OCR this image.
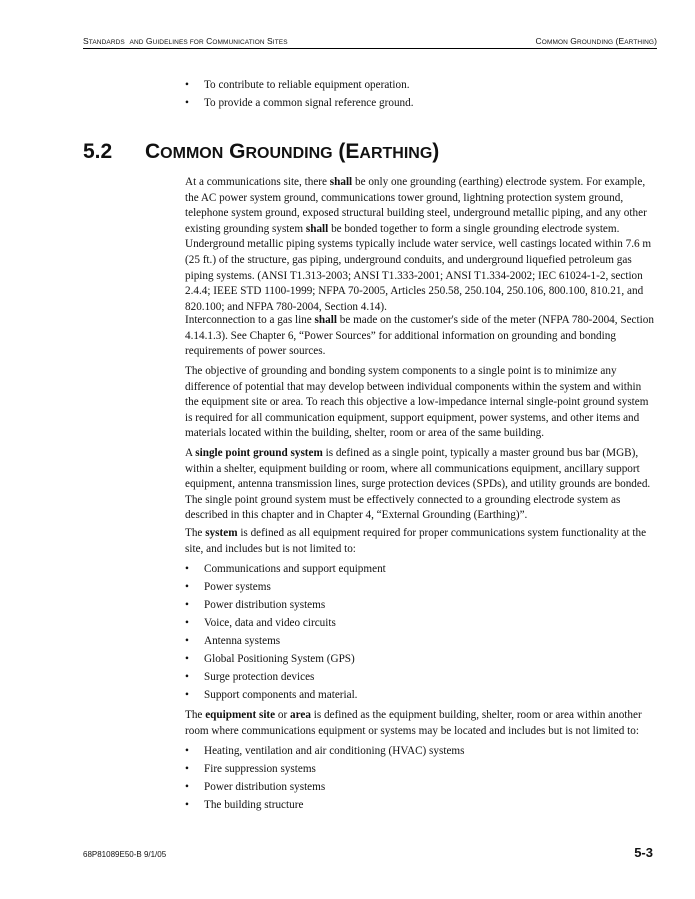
STANDARDS AND GUIDELINES FOR COMMUNICATION SITES	COMMON GROUNDING (EARTHING)
• To contribute to reliable equipment operation.
• To provide a common signal reference ground.
5.2 COMMON GROUNDING (EARTHING)

At a communications site, there shall be only one grounding (earthing) electrode system. For example, the AC power system ground, communications tower ground, lightning protection system ground, telephone system ground, exposed structural building steel, underground metallic piping, and any other existing grounding system shall be bonded together to form a single grounding electrode system. Underground metallic piping systems typically include water service, well castings located within 7.6 m (25 ft.) of the structure, gas piping, underground conduits, and underground liquefied petroleum gas piping systems. (ANSI T1.313-2003; ANSI T1.333-2001; ANSI T1.334-2002; IEC 61024-1-2, section 2.4.4; IEEE STD 1100-1999; NFPA 70-2005, Articles 250.58, 250.104, 250.106, 800.100, 810.21, and 820.100; and NFPA 780-2004, Section 4.14).

Interconnection to a gas line shall be made on the customer's side of the meter (NFPA 780-2004, Section 4.14.1.3). See Chapter 6, “Power Sources” for additional information on grounding and bonding requirements of power sources.

The objective of grounding and bonding system components to a single point is to minimize any difference of potential that may develop between individual components within the system and within the equipment site or area. To reach this objective a low-impedance internal single-point ground system is required for all communication equipment, support equipment, power systems, and other items and materials located within the building, shelter, room or area of the same building.

A single point ground system is defined as a single point, typically a master ground bus bar (MGB), within a shelter, equipment building or room, where all communications equipment, ancillary support equipment, antenna transmission lines, surge protection devices (SPDs), and utility grounds are bonded. The single point ground system must be effectively connected to a grounding electrode system as described in this chapter and in Chapter 4, “External Grounding (Earthing)”.

The system is defined as all equipment required for proper communications system functionality at the site, and includes but is not limited to:

• Communications and support equipment
• Power systems
• Power distribution systems
• Voice, data and video circuits
• Antenna systems
• Global Positioning System (GPS)
• Surge protection devices
• Support components and material.

The equipment site or area is defined as the equipment building, shelter, room or area within another room where communications equipment or systems may be located and includes but is not limited to:

• Heating, ventilation and air conditioning (HVAC) systems
• Fire suppression systems
• Power distribution systems
• The building structure
68P81089E50-B 9/1/05	5-3
